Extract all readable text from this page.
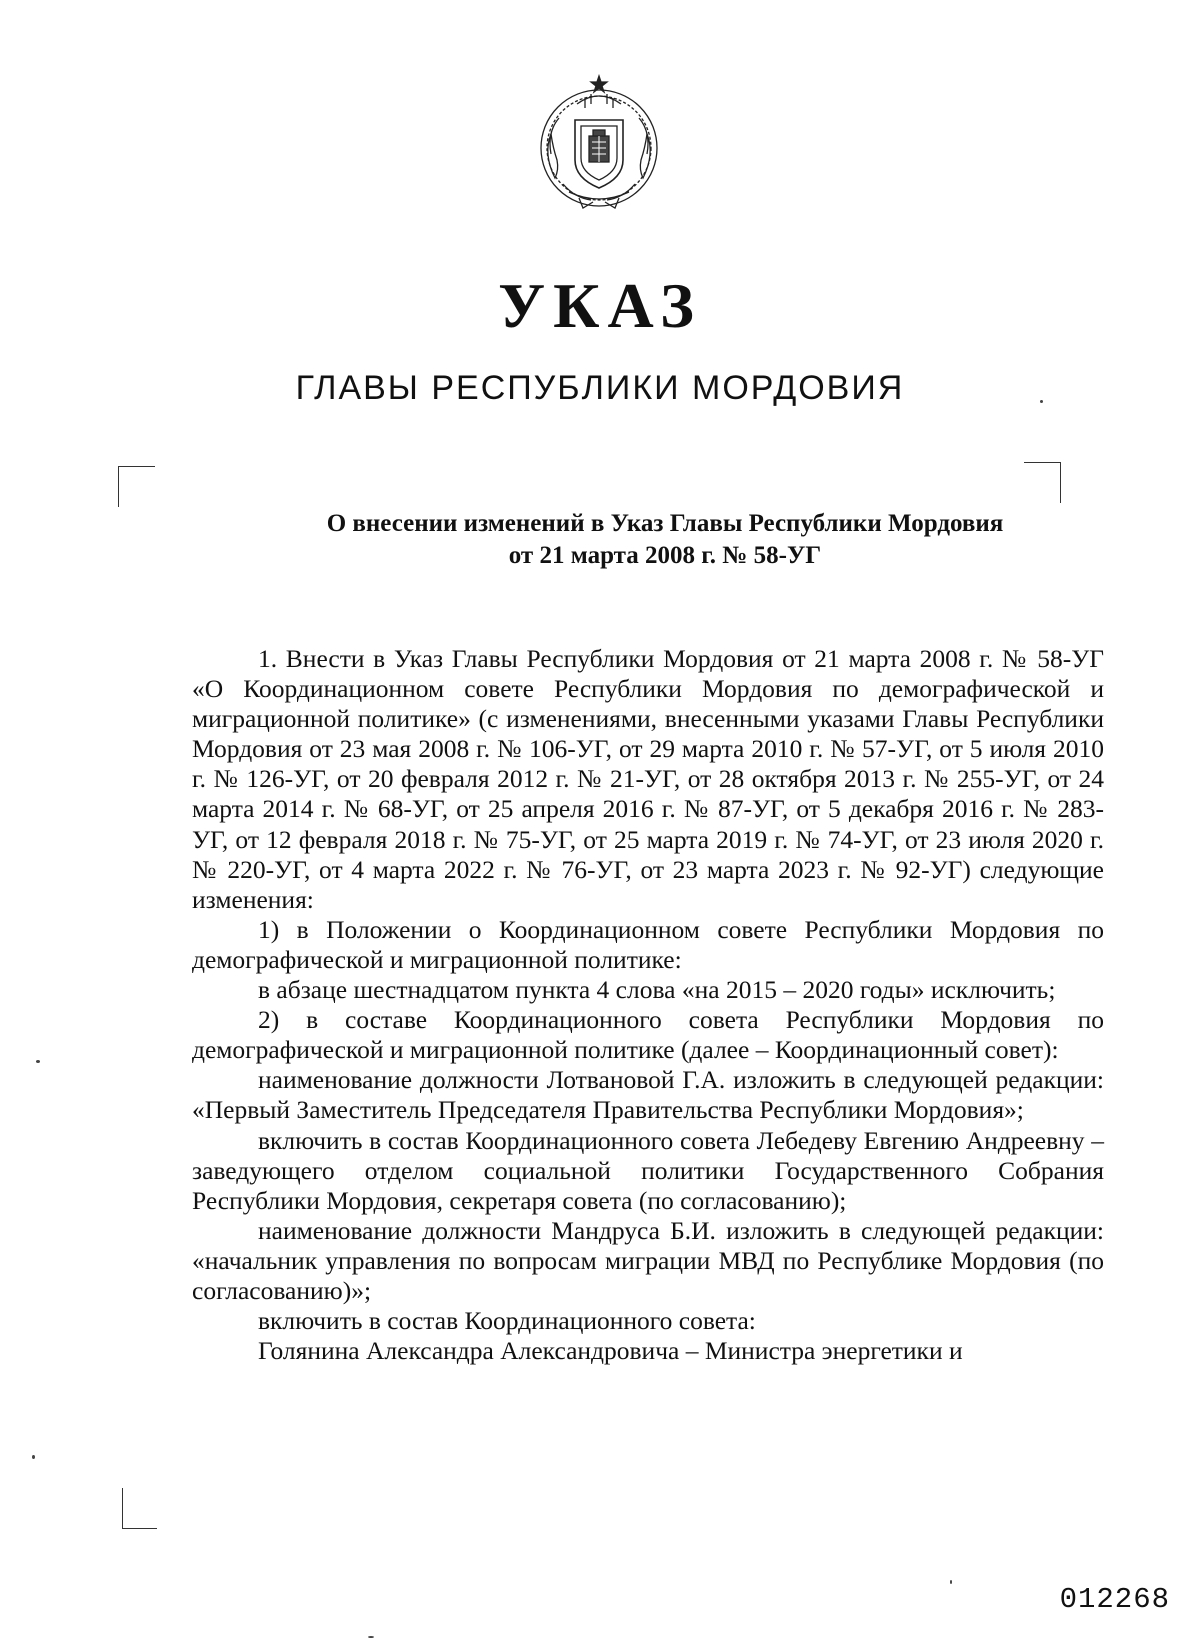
УКАЗ
ГЛАВЫ РЕСПУБЛИКИ МОРДОВИЯ
О внесении изменений в Указ Главы Республики Мордовия
от 21 марта 2008 г. № 58-УГ

1. Внести в Указ Главы Республики Мордовия от 21 марта 2008 г. № 58-УГ «О Координационном совете Республики Мордовия по демографической и миграционной политике» (с изменениями, внесенными указами Главы Республики Мордовия от 23 мая 2008 г. № 106-УГ, от 29 марта 2010 г. № 57-УГ, от 5 июля 2010 г. № 126-УГ, от 20 февраля 2012 г. № 21-УГ, от 28 октября 2013 г. № 255-УГ, от 24 марта 2014 г. № 68-УГ, от 25 апреля 2016 г. № 87-УГ, от 5 декабря 2016 г. № 283-УГ, от 12 февраля 2018 г. № 75-УГ, от 25 марта 2019 г. № 74-УГ, от 23 июля 2020 г. № 220-УГ, от 4 марта 2022 г. № 76-УГ, от 23 марта 2023 г. № 92-УГ) следующие изменения:

1) в Положении о Координационном совете Республики Мордовия по демографической и миграционной политике:

в абзаце шестнадцатом пункта 4 слова «на 2015 – 2020 годы» исключить;

2) в составе Координационного совета Республики Мордовия по демографической и миграционной политике (далее – Координационный совет):

наименование должности Лотвановой Г.А. изложить в следующей редакции: «Первый Заместитель Председателя Правительства Республики Мордовия»;

включить в состав Координационного совета Лебедеву Евгению Андреевну – заведующего отделом социальной политики Государственного Собрания Республики Мордовия, секретаря совета (по согласованию);

наименование должности Мандруса Б.И. изложить в следующей редакции: «начальник управления по вопросам миграции МВД по Республике Мордовия (по согласованию)»;

включить в состав Координационного совета:

Голянина Александра Александровича – Министра энергетики и

012268
